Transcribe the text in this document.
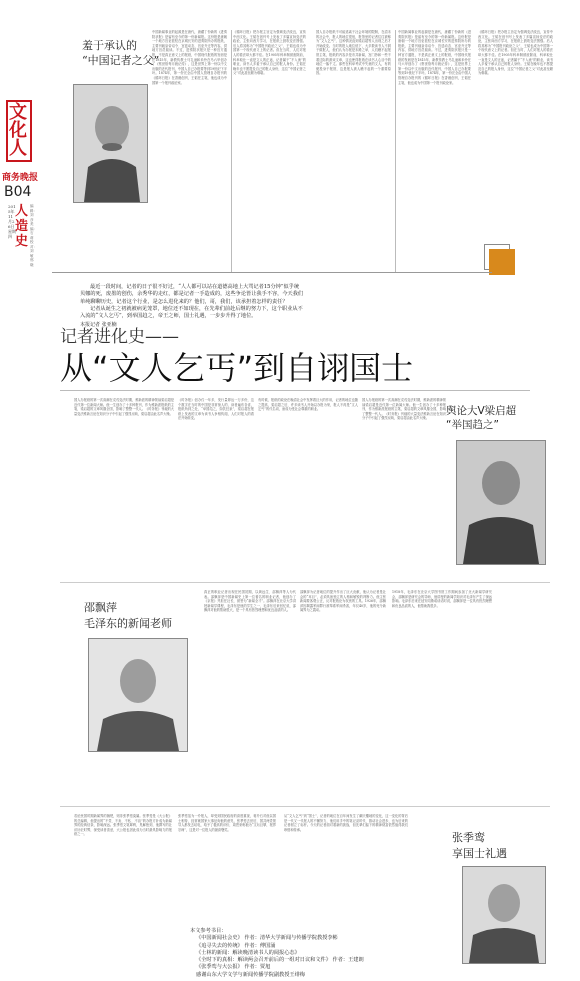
文化人
商务晚报
B04
2015年11月26日 星期四
人造史
编辑：刘彦 美编：石莉 校对：刘敏 邢晓
羞于承认的
“中国记者之父”
中国新闻事业的起源是在唐代，唐藏丁份新的《进奏院状报》是留有至今的第一份新闻报。这份报是唐朝一个地方官吏派驻在京城长安的进奏院所办的报纸，主要刊载皇帝诏令、宫廷动态、官吏升迁等内容，供地方官员阅读。不过，进奏院状报只是一种官方通报，不是真正意义上的报纸，中国现代报纸的发轫是在1815年，新教传教士马礼逊和米怜在马六甲创办了《察世俗每月统记传》，这是世界上第一份以中文出版的近代报刊，中国人自己办报要等到19世纪下半叶。1874年，第一份完全由中国人管理自办报刊的《循环日报》在香港创刊，王韬任主笔，他也成为中国第一个报刊政论家。
《循环日报》把办报主旨定为强调变法改良，宣传中西文化。王韬在创刊号上发表了多篇宣扬变法的政论，主张向西方学习，在报纸上鼓吹变法图强。后人将其称为“中国报刊政论之父”，王韬也成为中国第一个现代意义上的记者。但在当时，人们对报人的看法却大都不佳。在1905年科举制被废除前，科举取仕一直是文人的正途，记者属于“不入流”的职业，读书人多羞于承认自己的报人身份。王韬在晚年也不愿提及自己的报人身份，这位“中国记者之父”对此甚至颇为难堪。
国人自办报纸不可能逃离于社会环境的限制，在清末的社会中，报人的地位很低，报馆里的记者往往被称为“文人乞丐”，这种情况直到梁启超等人出现之后才开始改变。当时的报人地位低下，大多数读书人不屑于做报人，他们认为办报是末路之举，人们瞧不起报馆主笔，报纸的内容多是市井新闻，宫门抄和一些不着边际的游戏文章，这也使得报纸在读书人心目中的地位一落千丈。那些在科举考试中失意的文人，有的便投身于报馆，这是报人被人瞧不起的一个重要原因。
中国新闻事业的起源是在唐代，唐藏丁份新的《进奏院状报》是留有至今的第一份新闻报。这份报是唐朝一个地方官吏派驻在京城长安的进奏院所办的报纸，主要刊载皇帝诏令、宫廷动态、官吏升迁等内容，供地方官员阅读。不过，进奏院状报只是一种官方通报，不是真正意义上的报纸，中国现代报纸的发轫是在1815年，新教传教士马礼逊和米怜在马六甲创办了《察世俗每月统记传》，这是世界上第一份以中文出版的近代报刊，中国人自己办报要等到19世纪下半叶。1874年，第一份完全由中国人管理自办报刊的《循环日报》在香港创刊，王韬任主笔，他也成为中国第一个报刊政论家。
《循环日报》把办报主旨定为强调变法改良，宣传中西文化。王韬在创刊号上发表了多篇宣扬变法的政论，主张向西方学习，在报纸上鼓吹变法图强。后人将其称为“中国报刊政论之父”，王韬也成为中国第一个现代意义上的记者。但在当时，人们对报人的看法却大都不佳。在1905年科举制被废除前，科举取仕一直是文人的正途，记者属于“不入流”的职业，读书人多羞于承认自己的报人身份。王韬在晚年也不愿提及自己的报人身份，这位“中国记者之父”对此甚至颇为难堪。
最近一段时间，记者的日子很不好过，“人人都可以站在道德高地上大骂记者15分钟”似乎统
贝娜的死，废墨的创伤，余秀华的走红，都是记者一手造成的，这些争论皆让我手不容，今天我们
单纯聊聊历史，记者这个行业，是怎么进化来的？他们，哥，我们，该承担着怎样的责任？
记者从诞生之初就被病见笼罩，地位还不如现在，在先辈们前赴后继的努力下，这个职业从不
入流的“文人乞丐”，到举国趋之，帝王之师，国士礼遇，一步步升得了地位。
本报记者 张亚楠
记者进化史——
从“文人乞丐”到自诩国士
国人办报纸的第一次高潮在戊戌变法时期，维新派的精神领袖梁启超是近代第一位新闻大师。他一生创办了十多种报刊，作为维新派报纸的主笔，梁启超的文章风靡全国，影响了整整一代人。《时务报》刊载的大量变法维新言论在知识分子中引起了强烈反响，梁启超由此名声大噪。
《时务报》创办仅一年多，发行量即达一万多份，这个数字在当时的中国是非常惊人的，读者遍布各省，报纸所到之处，“举国趋之，如饮狂泉”，梁启超在报纸上发表的文章为读书人争相传阅，人们对报人的看法开始转变。
有时候，报纸的政论在晚清社会中发挥着巨大的作用，记者的地位也随之提高，梁启超之后，许多读书人开始以办报为荣，报人不再是“文人乞丐”的代名词，而成为受社会尊重的职业。
国人办报纸的第一次高潮在戊戌变法时期，维新派的精神领袖梁启超是近代第一位新闻大师。他一生创办了十多种报刊，作为维新派报纸的主笔，梁启超的文章风靡全国，影响了整整一代人。《时务报》刊载的大量变法维新言论在知识分子中引起了强烈反响，梁启超由此名声大噪。
舆论大V梁启超
“举国趋之”
邵飘萍
毛泽东的新闻老师
真正的职业记者出现在民国初期，以黄远生、邵飘萍等人为代表。邵飘萍是中国新闻史上第一位著名的职业记者，他创办了《京报》并担任社长，被誉为“新闻全才”。邵飘萍在北京大学讲授新闻学课程，毛泽东是他的学生之一，毛泽东后来回忆说，邵飘萍对他的帮助很大，是一个具有热烈理想和优良品质的人。
邵飘萍为记者地位的提升作出了巨大贡献，他认为记者是社会的“耳目”，必须具备独立的人格和敏锐的判断力。他主张新闻要客观公正，反对报纸沦为权贵的工具。1926年，邵飘萍因揭露军阀罪行被奉系军阀杀害，年仅40岁，他的死令新闻界为之震动。
1918年，毛泽东在北京大学图书馆工作期间参加了北大新闻学研究会，邵飘萍是研究会的导师，他讲授的新闻学知识对毛泽东产生了深远影响。毛泽东后来在延安同斯诺谈话时说，邵飘萍是一位具有热烈理想和优良品质的人，他帮助我很多。
若论民国时期新闻界的翘楚，则非张季鸾莫属。张季鸾是《大公报》的总编辑，他提出的“不党、不卖、不私、不盲”的办报方针成为新闻界的经典信条，影响深远。张季鸾文笔犀利，见解独到，他撰写的社评针砭时弊，深受读者喜爱，大公报也因此成为当时最具影响力的报纸之一。
张季鸾虽为一介报人，却受到国民政府的高度重视，蒋介石对他以国士相待，经常就国家大事征询他的意见，张季鸾去世后，国共两党领导人都发去唁电，给予了极高的评价，周恩来称他为“文坛巨擘，报界宗师”，这是对一位报人的最高褒奖。
从“文人乞丐”到“国士”，记者的地位在百年间发生了翻天覆地的变化，这一变化的背后是一代又一代报人的不懈努力，他们用手中的笔记录时代、推动社会进步，也为后来的记者树立了标杆。今天的记者面对着新的挑战，但先辈们留下的精神财富依然值得我们珍惜和传承。
张季鸾
享国士礼遇
本文参考书目：
《中国新闻社会史》 作者：清华大学新闻与传播学院教授李彬
《追寻失去的传统》 作者：傅国涌
《士林的新闻：解读晚清读书人的阅报心态》
《全时下的真相：解读两会召开前后的一组对日议和文件》 作者：王建朗
《张季鸾与大公报》 作者：贾旭
感谢山东大学文学与新闻传播学院副教授王绯梅
